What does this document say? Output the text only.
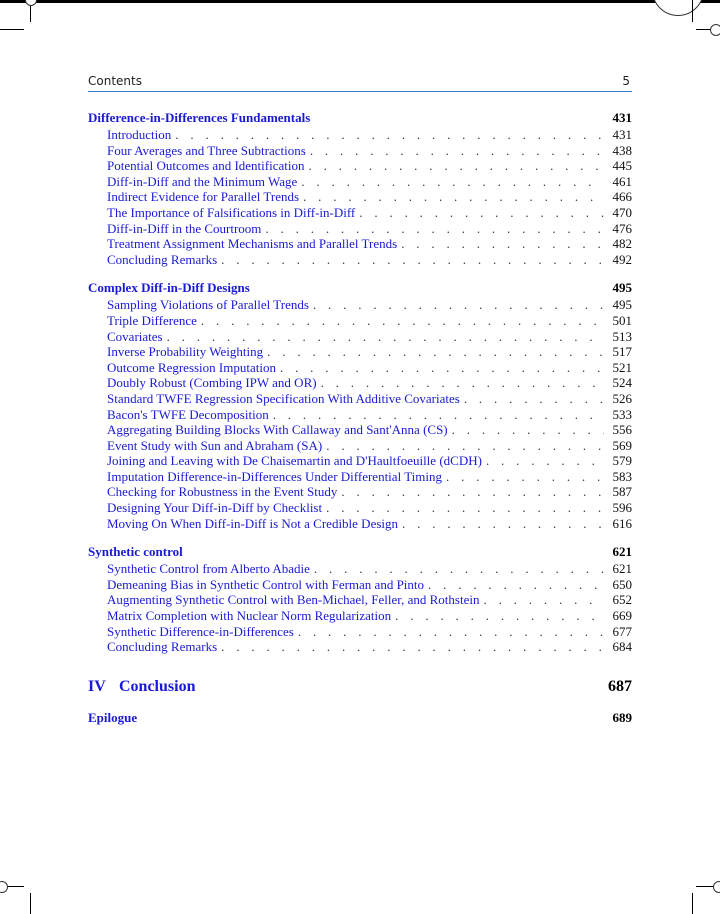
Contents	5
Difference-in-Differences Fundamentals	431
Introduction . . .	431
Four Averages and Three Subtractions . . .	438
Potential Outcomes and Identification . . .	445
Diff-in-Diff and the Minimum Wage . . .	461
Indirect Evidence for Parallel Trends . . .	466
The Importance of Falsifications in Diff-in-Diff . . .	470
Diff-in-Diff in the Courtroom . . .	476
Treatment Assignment Mechanisms and Parallel Trends . . .	482
Concluding Remarks . . .	492
Complex Diff-in-Diff Designs	495
Sampling Violations of Parallel Trends . . .	495
Triple Difference . . .	501
Covariates . . .	513
Inverse Probability Weighting . . .	517
Outcome Regression Imputation . . .	521
Doubly Robust (Combing IPW and OR) . . .	524
Standard TWFE Regression Specification With Additive Covariates . . .	526
Bacon's TWFE Decomposition . . .	533
Aggregating Building Blocks With Callaway and Sant'Anna (CS) . . .	556
Event Study with Sun and Abraham (SA) . . .	569
Joining and Leaving with De Chaisemartin and D'Haultfoeuille (dCDH) . . .	579
Imputation Difference-in-Differences Under Differential Timing . . .	583
Checking for Robustness in the Event Study . . .	587
Designing Your Diff-in-Diff by Checklist . . .	596
Moving On When Diff-in-Diff is Not a Credible Design . . .	616
Synthetic control	621
Synthetic Control from Alberto Abadie . . .	621
Demeaning Bias in Synthetic Control with Ferman and Pinto . . .	650
Augmenting Synthetic Control with Ben-Michael, Feller, and Rothstein . . .	652
Matrix Completion with Nuclear Norm Regularization . . .	669
Synthetic Difference-in-Differences . . .	677
Concluding Remarks . . .	684
IV Conclusion	687
Epilogue	689
